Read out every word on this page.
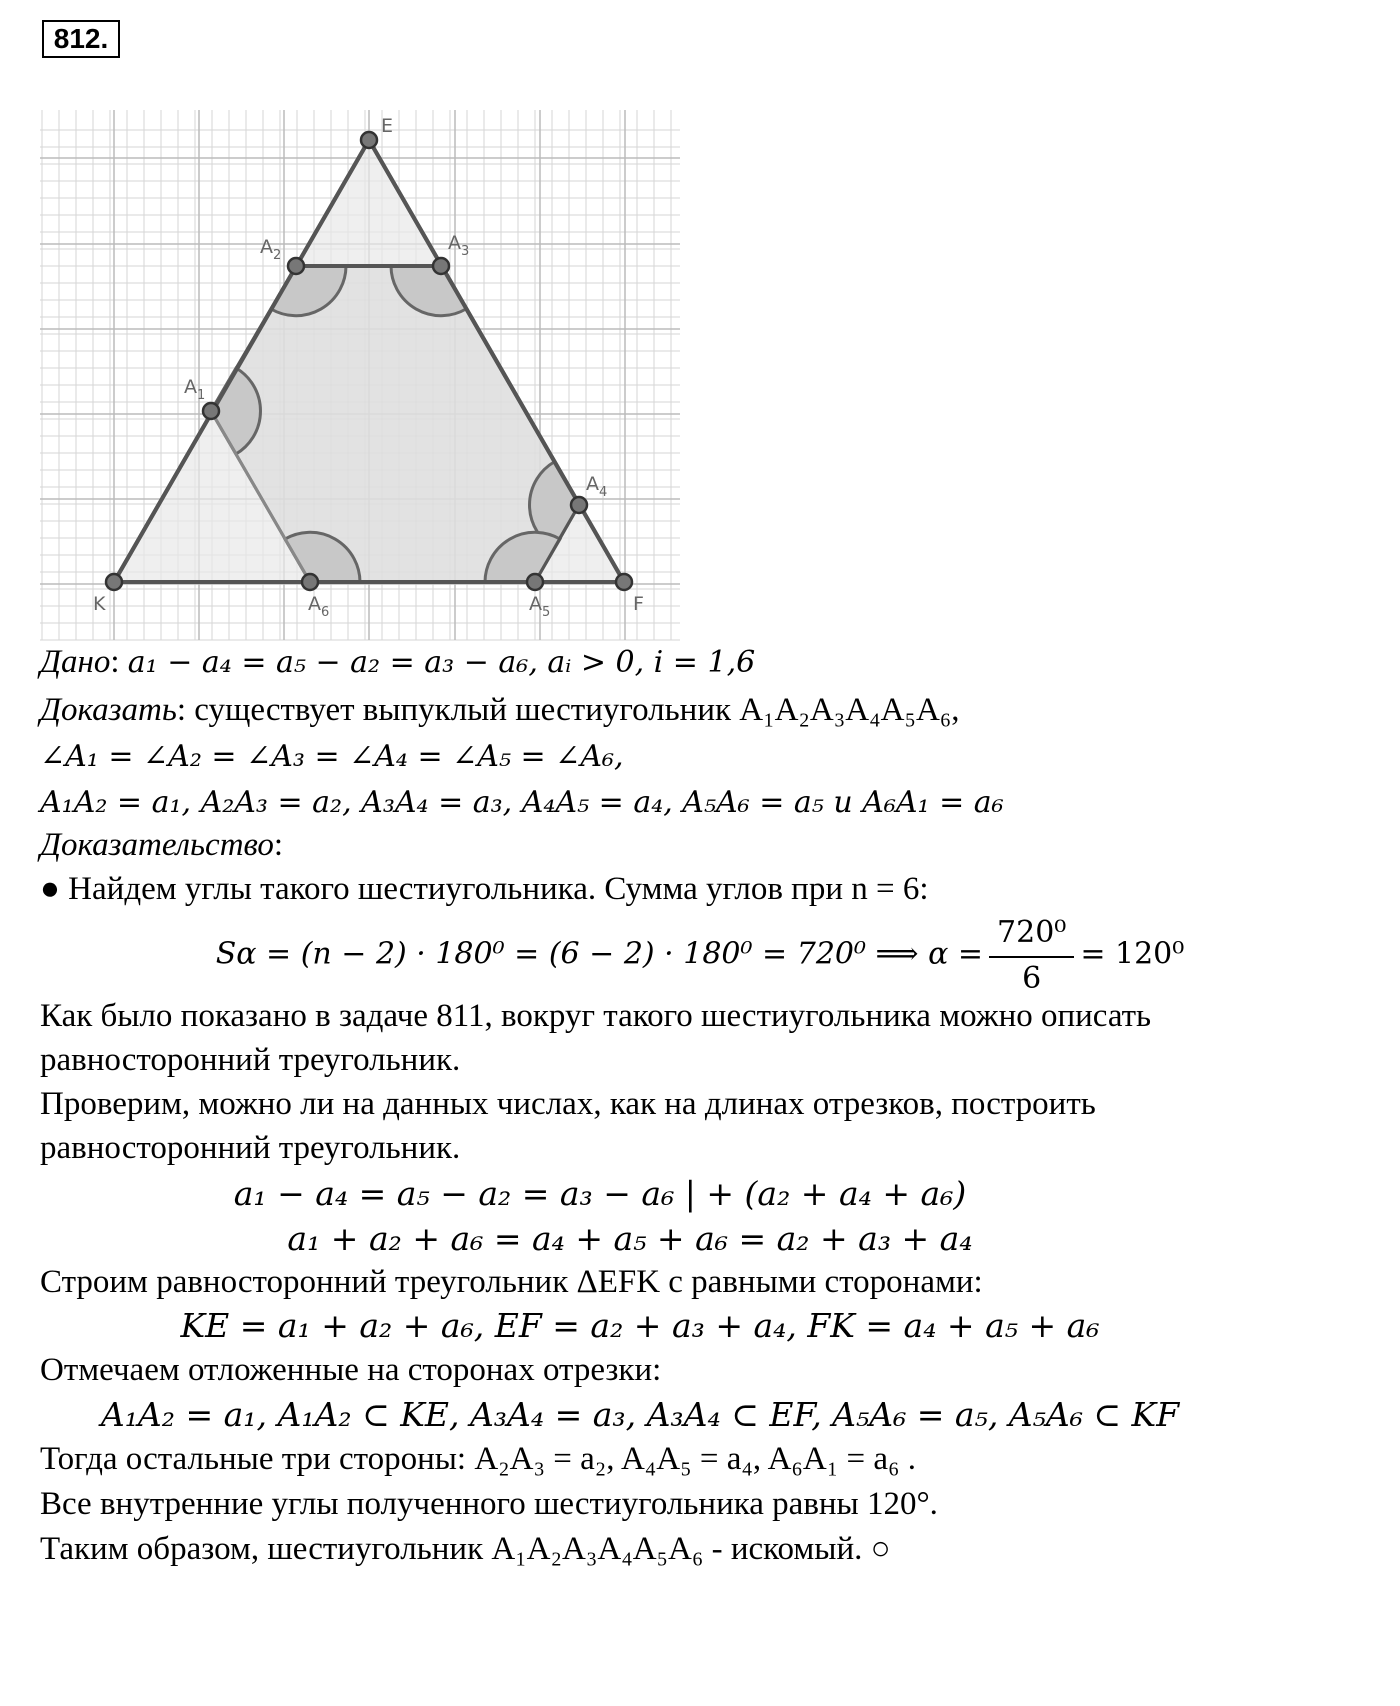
812.
E
$A_2$
$A_3$
$A_1$
$A_4$
K	$A_6$	$A_5$	F
Дано: a₁ − a₄ = a₅ − a₂ = a₃ − a₆, aᵢ > 0, i = 1,6
Доказать: существует выпуклый шестиугольник A₁A₂A₃A₄A₅A₆,
∠A₁ = ∠A₂ = ∠A₃ = ∠A₄ = ∠A₅ = ∠A₆,
A₁A₂ = a₁, A₂A₃ = a₂, A₃A₄ = a₃, A₄A₅ = a₄, A₅A₆ = a₅ и A₆A₁ = a₆
Доказательство:
● Найдем углы такого шестиугольника. Сумма углов при n = 6:
Sα = (n − 2) · 180⁰ = (6 − 2) · 180⁰ = 720⁰ ⟹ $\alpha = \frac{\text{720⁰}}{6} = 120^0$
Как было показано в задаче 811, вокруг такого шестиугольника можно описать
равносторонний треугольник.
Проверим, можно ли на данных числах, как на длинах отрезков, построить
равносторонний треугольник.
a₁ − a₄ = a₅ − a₂ = a₃ − a₆ | + (a₂ + a₄ + a₆)
a₁ + a₂ + a₆ = a₄ + a₅ + a₆ = a₂ + a₃ + a₄
Строим равносторонний треугольник ΔEFK с равными сторонами:
KE = a₁ + a₂ + a₆, EF = a₂ + a₃ + a₄, FK = a₄ + a₅ + a₆
Отмечаем отложенные на сторонах отрезки:
A₁A₂ = a₁, A₁A₂ ⊂ KE, A₃A₄ = a₃, A₃A₄ ⊂ EF, A₅A₆ = a₅, A₅A₆ ⊂ KF
Тогда остальные три стороны: A₂A₃ = a₂, A₄A₅ = a₄, A₆A₁ = a₆ .
Все внутренние углы полученного шестиугольника равны 120°.
Таким образом, шестиугольник A₁A₂A₃A₄A₅A₆ - искомый. ○
